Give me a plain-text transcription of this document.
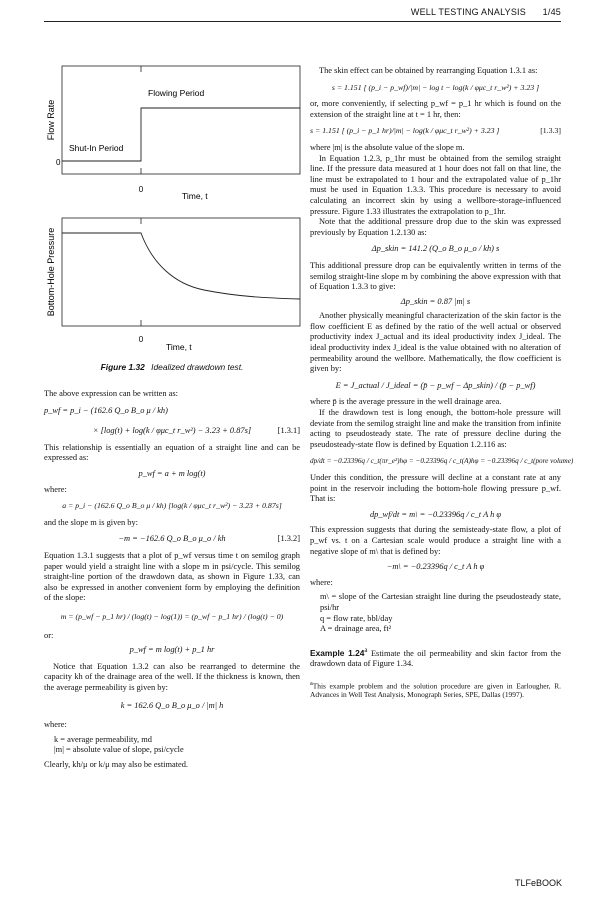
WELL TESTING ANALYSIS 1/45
Flow Rate
0
Flowing Period
Shut-In Period
0
Time, t
Bottom-Hole Pressure
0
Time, t
Figure 1.32 Idealized drawdown test.

The above expression can be written as:

p_wf = p_i − (162.6 Q_o B_o μ / kh)

× [log(t) + log(k / φμc_t r_w²) − 3.23 + 0.87s]	[1.3.1]

This relationship is essentially an equation of a straight line and can be expressed as:

p_wf = a + m log(t)

where:

a = p_i − (162.6 Q_o B_o μ / kh) [log(k / φμc_t r_w²) − 3.23 + 0.87s]

and the slope m is given by:

−m = −162.6 Q_o B_o μ_o / kh	[1.3.2]

Equation 1.3.1 suggests that a plot of p_wf versus time t on semilog graph paper would yield a straight line with a slope m in psi/cycle. This semilog straight-line portion of the drawdown data, as shown in Figure 1.33, can also be expressed in another convenient form by employing the definition of the slope:

m = (p_wf − p_1 hr) / (log(t) − log(1)) = (p_wf − p_1 hr) / (log(t) − 0)

or:

p_wf = m log(t) + p_1 hr

Notice that Equation 1.3.2 can also be rearranged to determine the capacity kh of the drainage area of the well. If the thickness is known, then the average permeability is given by:

k = 162.6 Q_o B_o μ_o / |m| h

where:

k = average permeability, md

|m| = absolute value of slope, psi/cycle

Clearly, kh/μ or k/μ may also be estimated.

The skin effect can be obtained by rearranging Equation 1.3.1 as:

s = 1.151 [ (p_i − p_wf)/|m| − log t − log(k / φμc_t r_w²) + 3.23 ]

or, more conveniently, if selecting p_wf = p_1 hr which is found on the extension of the straight line at t = 1 hr, then:

s = 1.151 [ (p_i − p_1 hr)/|m| − log(k / φμc_t r_w²) + 3.23 ]	[1.3.3]

where |m| is the absolute value of the slope m.

In Equation 1.2.3, p_1hr must be obtained from the semilog straight line. If the pressure data measured at 1 hour does not fall on that line, the line must be extrapolated to 1 hour and the extrapolated value of p_1hr must be used in Equation 1.3.3. This procedure is necessary to avoid calculating an incorrect skin by using a wellbore-storage-influenced pressure. Figure 1.33 illustrates the extrapolation to p_1hr.

Note that the additional pressure drop due to the skin was expressed previously by Equation 1.2.130 as:

Δp_skin = 141.2 (Q_o B_o μ_o / kh) s

This additional pressure drop can be equivalently written in terms of the semilog straight-line slope m by combining the above expression with that of Equation 1.3.3 to give:

Δp_skin = 0.87 |m| s

Another physically meaningful characterization of the skin factor is the flow coefficient E as defined by the ratio of the well actual or observed productivity index J_actual and its ideal productivity index J_ideal. The ideal productivity index J_ideal is the value obtained with no alteration of permeability around the wellbore. Mathematically, the flow coefficient is given by:

E = J_actual / J_ideal = (p̄ − p_wf − Δp_skin) / (p̄ − p_wf)

where p̄ is the average pressure in the well drainage area.

If the drawdown test is long enough, the bottom-hole pressure will deviate from the semilog straight line and make the transition from infinite acting to pseudosteady state. The rate of pressure decline during the pseudosteady-state flow is defined by Equation 1.2.116 as:

dp/dt = −0.23396q / c_t(πr_e²)hφ = −0.23396q / c_t(A)hφ = −0.23396q / c_t(pore volume)

Under this condition, the pressure will decline at a constant rate at any point in the reservoir including the bottom-hole flowing pressure p_wf. That is:

dp_wf/dt = m\ = −0.23396q / c_t A h φ

This expression suggests that during the semisteady-state flow, a plot of p_wf vs. t on a Cartesian scale would produce a straight line with a negative slope of m\ that is defined by:

−m\ = −0.23396q / c_t A h φ

where:

m\ = slope of the Cartesian straight line during the pseudosteady state, psi/hr

q = flow rate, bbl/day

A = drainage area, ft²

Example 1.24$^a$ Estimate the oil permeability and skin factor from the drawdown data of Figure 1.34.

$^a$This example problem and the solution procedure are given in Earlougher, R. Advances in Well Test Analysis, Monograph Series, SPE, Dallas (1997).

TLFeBOOK
